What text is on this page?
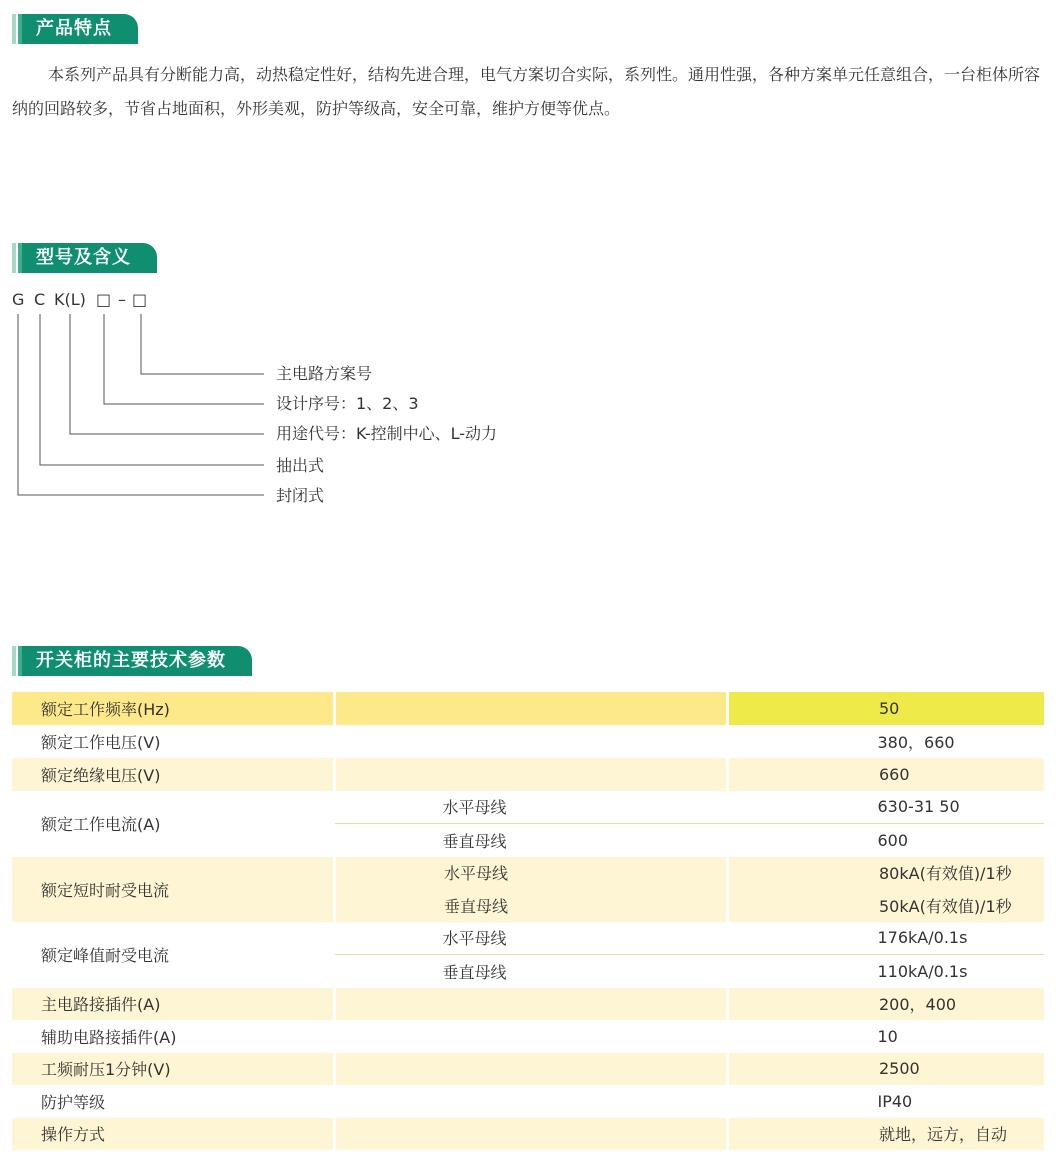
产品特点

本系列产品具有分断能力高，动热稳定性好，结构先进合理，电气方案切合实际，系列性。通用性强，各种方案单元任意组合，一台柜体所容纳的回路较多，节省占地面积，外形美观，防护等级高，安全可靠，维护方便等优点。

型号及含义
G C K(L) □ – □
主电路方案号
设计序号：1、2、3
用途代号：K-控制中心、L-动力
抽出式
封闭式
开关柜的主要技术参数
额定工作频率(Hz)		50
额定工作电压(V)		380，660
额定绝缘电压(V)		660
额定工作电流(A)	水平母线	630-31 50
	垂直母线	600
额定短时耐受电流	水平母线	80kA(有效值)/1秒
	垂直母线	50kA(有效值)/1秒
额定峰值耐受电流	水平母线	176kA/0.1s
	垂直母线	110kA/0.1s
主电路接插件(A)		200，400
辅助电路接插件(A)		10
工频耐压1分钟(V)		2500
防护等级		IP40
操作方式		就地，远方，自动
